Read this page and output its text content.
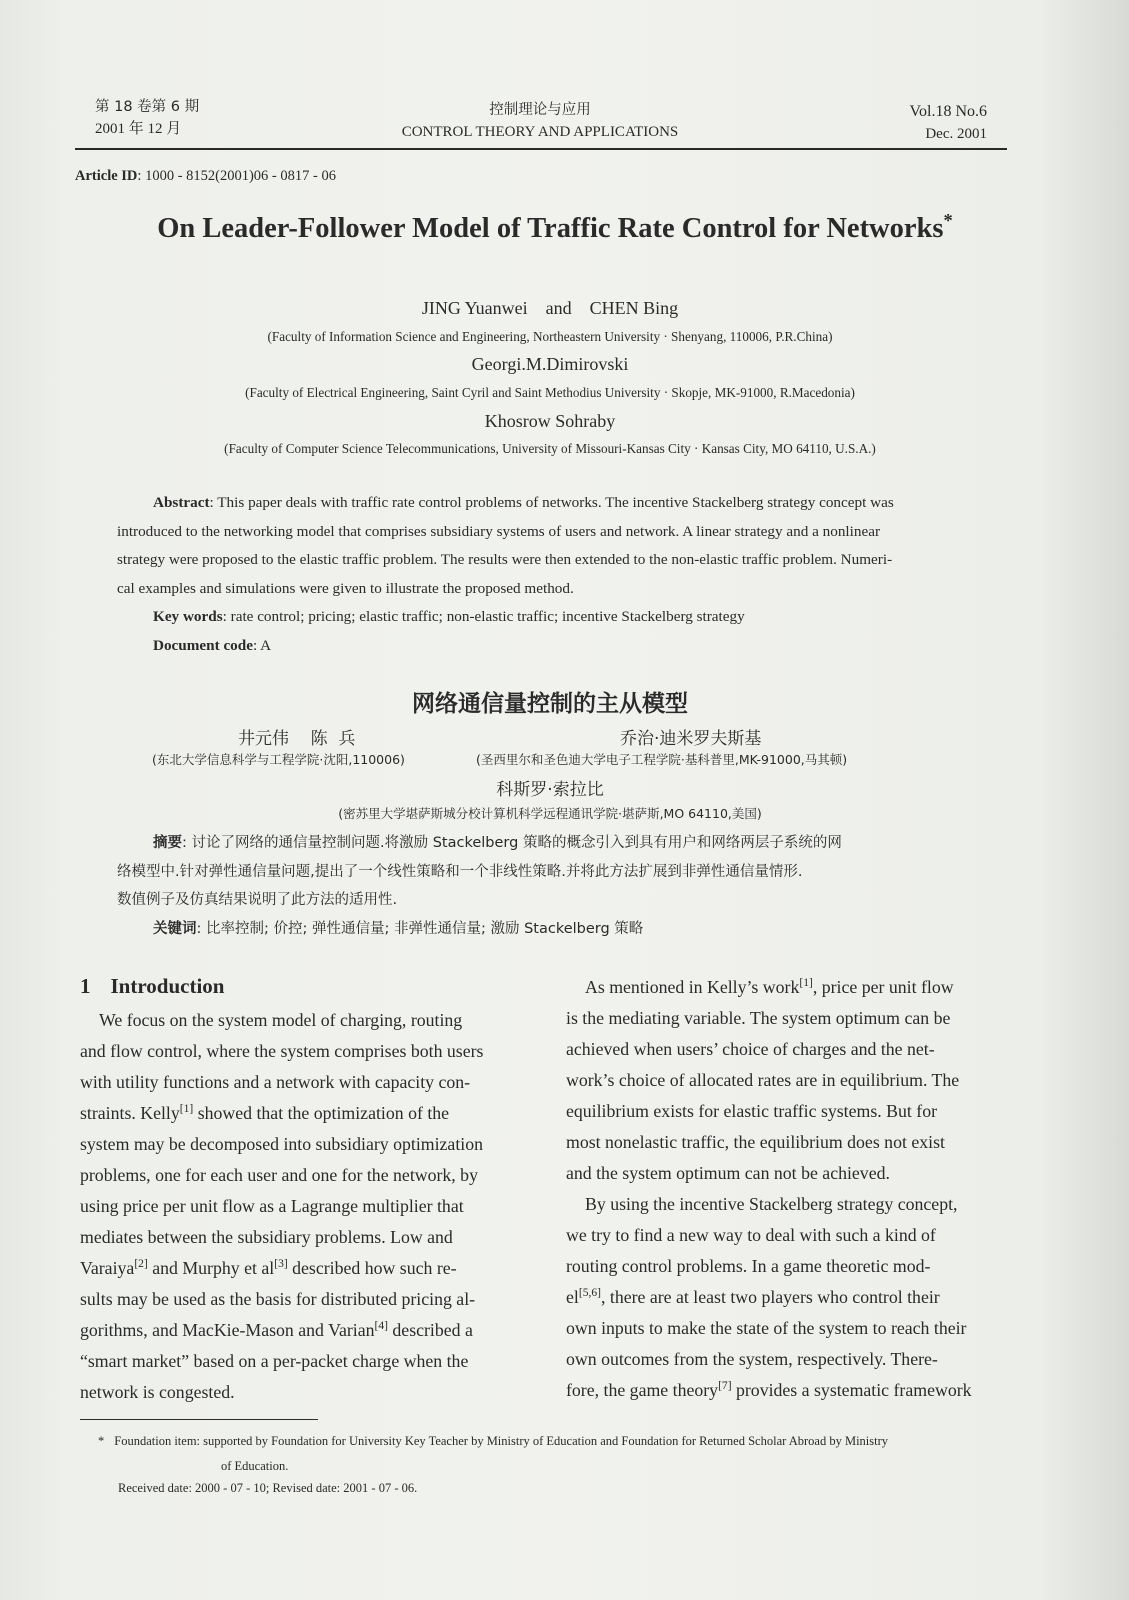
第 18 卷第 6 期
2001 年 12 月
控制理论与应用
CONTROL THEORY AND APPLICATIONS
Vol.18 No.6
Dec. 2001
Article ID: 1000 - 8152(2001)06 - 0817 - 06
On Leader-Follower Model of Traffic Rate Control for Networks*
JING Yuanwei    and    CHEN Bing
(Faculty of Information Science and Engineering, Northeastern University · Shenyang, 110006, P.R.China)
Georgi.M.Dimirovski
(Faculty of Electrical Engineering, Saint Cyril and Saint Methodius University · Skopje, MK-91000, R.Macedonia)
Khosrow Sohraby
(Faculty of Computer Science Telecommunications, University of Missouri-Kansas City · Kansas City, MO 64110, U.S.A.)
Abstract: This paper deals with traffic rate control problems of networks. The incentive Stackelberg strategy concept was
introduced to the networking model that comprises subsidiary systems of users and network. A linear strategy and a nonlinear
strategy were proposed to the elastic traffic problem. The results were then extended to the non-elastic traffic problem. Numeri-
cal examples and simulations were given to illustrate the proposed method.
Key words: rate control; pricing; elastic traffic; non-elastic traffic; incentive Stackelberg strategy
Document code: A
网络通信量控制的主从模型
井元伟    陈  兵	乔治·迪米罗夫斯基
(东北大学信息科学与工程学院·沈阳,110006)	(圣西里尔和圣色迪大学电子工程学院·基科普里,MK-91000,马其顿)
科斯罗·索拉比
(密苏里大学堪萨斯城分校计算机科学远程通讯学院·堪萨斯,MO 64110,美国)
摘要: 讨论了网络的通信量控制问题.将激励 Stackelberg 策略的概念引入到具有用户和网络两层子系统的网
络模型中.针对弹性通信量问题,提出了一个线性策略和一个非线性策略.并将此方法扩展到非弹性通信量情形.
数值例子及仿真结果说明了此方法的适用性.
关键词: 比率控制; 价控; 弹性通信量; 非弹性通信量; 激励 Stackelberg 策略
1 Introduction
We focus on the system model of charging, routing
and flow control, where the system comprises both users
with utility functions and a network with capacity con-
straints. Kelly[1] showed that the optimization of the
system may be decomposed into subsidiary optimization
problems, one for each user and one for the network, by
using price per unit flow as a Lagrange multiplier that
mediates between the subsidiary problems. Low and
Varaiya[2] and Murphy et al[3] described how such re-
sults may be used as the basis for distributed pricing al-
gorithms, and MacKie-Mason and Varian[4] described a
“smart market” based on a per-packet charge when the
network is congested.
As mentioned in Kelly’s work[1], price per unit flow
is the mediating variable. The system optimum can be
achieved when users’ choice of charges and the net-
work’s choice of allocated rates are in equilibrium. The
equilibrium exists for elastic traffic systems. But for
most nonelastic traffic, the equilibrium does not exist
and the system optimum can not be achieved.
By using the incentive Stackelberg strategy concept,
we try to find a new way to deal with such a kind of
routing control problems. In a game theoretic mod-
el[5,6], there are at least two players who control their
own inputs to make the state of the system to reach their
own outcomes from the system, respectively. There-
fore, the game theory[7] provides a systematic framework
* Foundation item: supported by Foundation for University Key Teacher by Ministry of Education and Foundation for Returned Scholar Abroad by Ministry
of Education.
Received date: 2000 - 07 - 10; Revised date: 2001 - 07 - 06.
